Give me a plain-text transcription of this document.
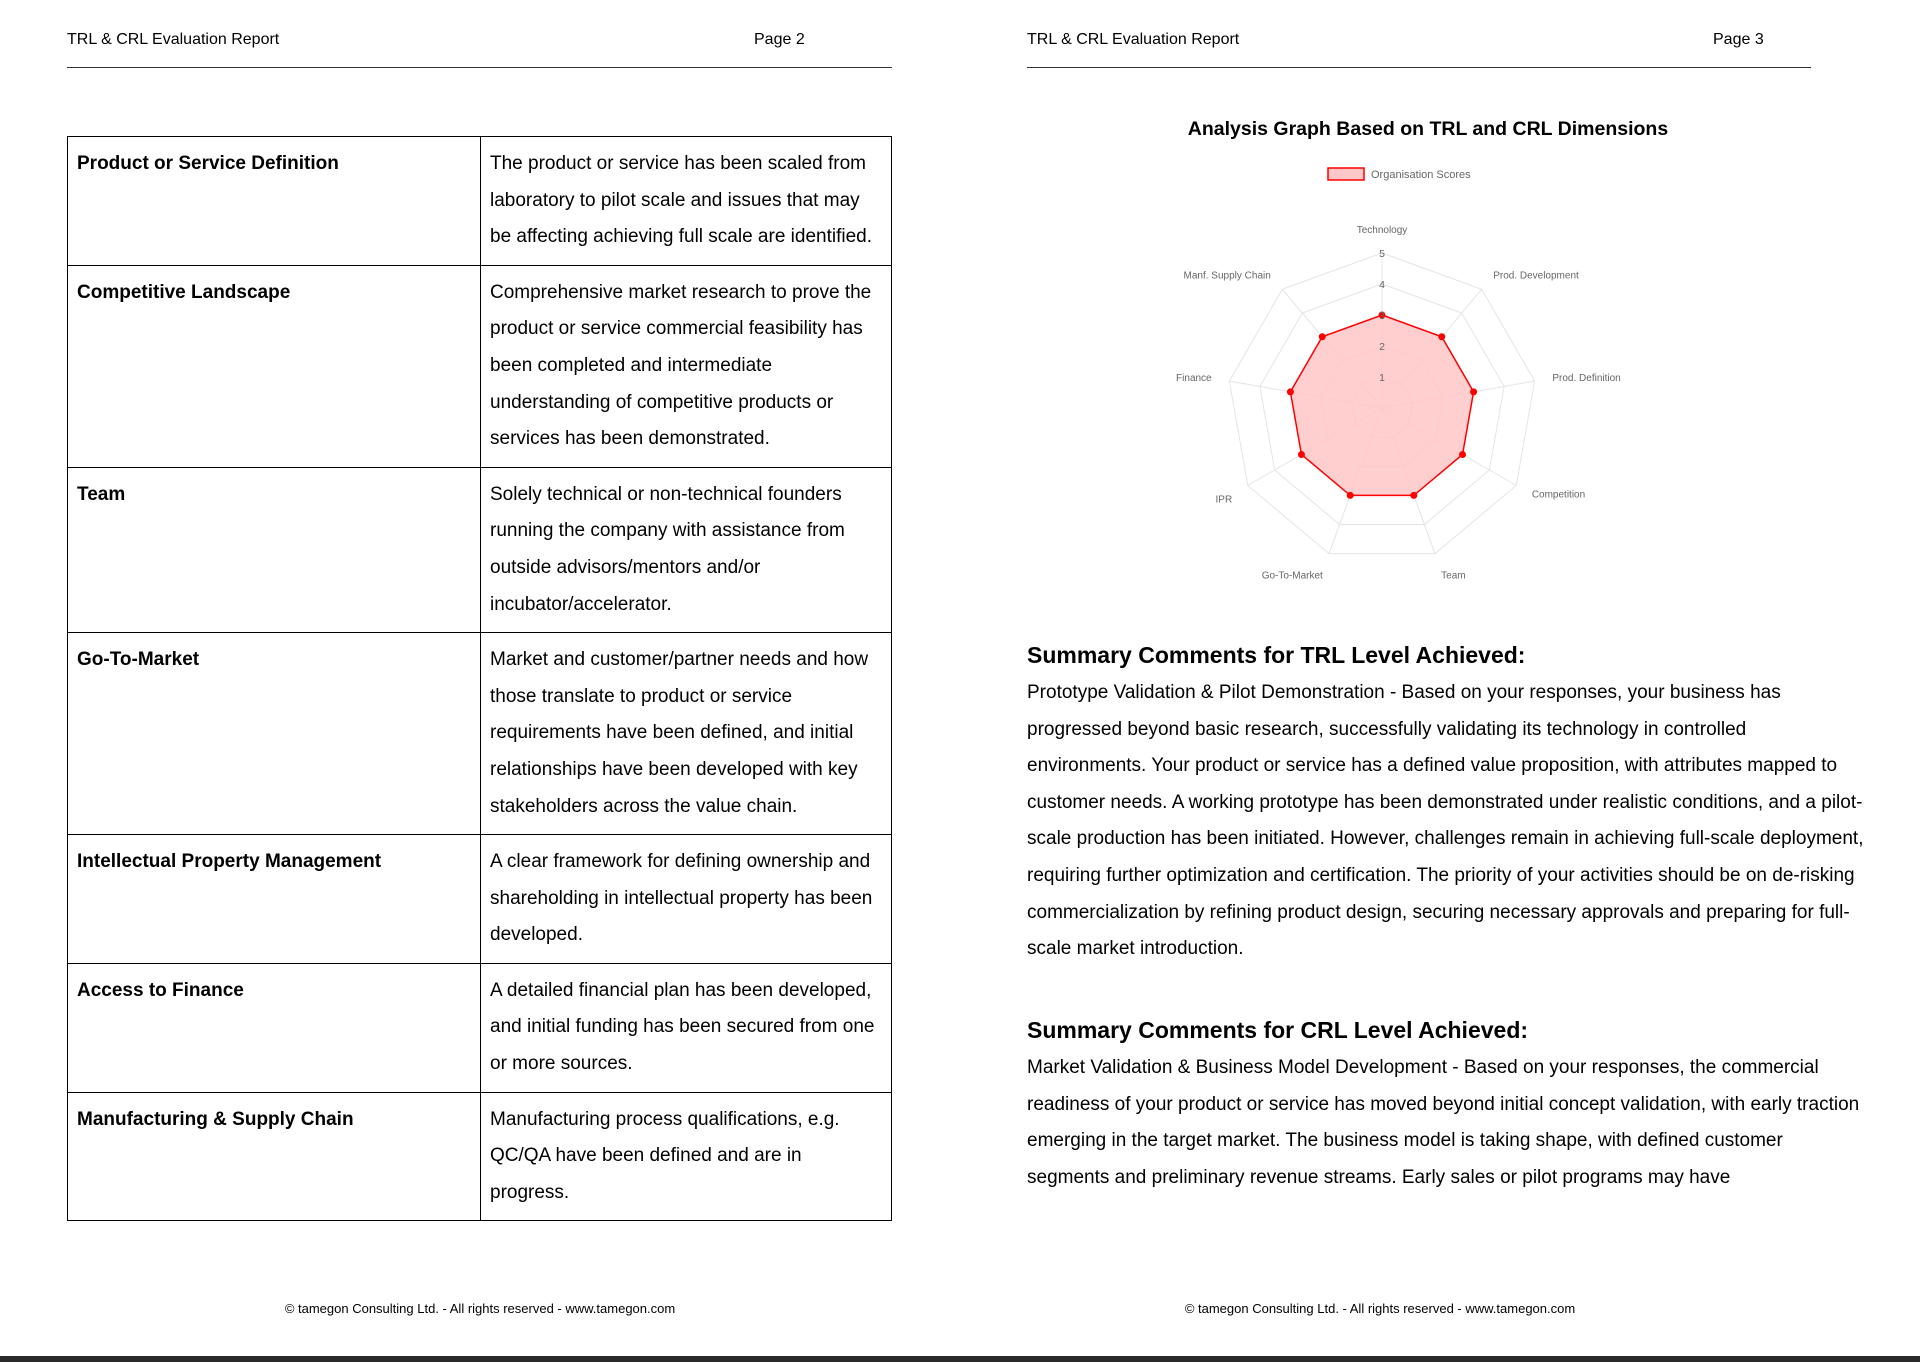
TRL & CRL Evaluation Report	Page 2
Product or Service Definition	The product or service has been scaled from laboratory to pilot scale and issues that may be affecting achieving full scale are identified.
Competitive Landscape	Comprehensive market research to prove the product or service commercial feasibility has been completed and intermediate understanding of competitive products or services has been demonstrated.
Team	Solely technical or non-technical founders running the company with assistance from outside advisors/mentors and/or incubator/accelerator.
Go-To-Market	Market and customer/partner needs and how those translate to product or service requirements have been defined, and initial relationships have been developed with key stakeholders across the value chain.
Intellectual Property Management	A clear framework for defining ownership and shareholding in intellectual property has been developed.
Access to Finance	A detailed financial plan has been developed, and initial funding has been secured from one or more sources.
Manufacturing & Supply Chain	Manufacturing process qualifications, e.g. QC/QA have been defined and are in progress.
© tamegon Consulting Ltd. - All rights reserved - www.tamegon.com
TRL & CRL Evaluation Report	Page 3
Analysis Graph Based on TRL and CRL Dimensions
Organisation Scores
1
2
3
4
5
Technology
Prod. Development
Prod. Definition
Competition
Team
Go-To-Market
IPR
Finance
Manf. Supply Chain
Summary Comments for TRL Level Achieved:
Prototype Validation & Pilot Demonstration - Based on your responses, your business has progressed beyond basic research, successfully validating its technology in controlled environments. Your product or service has a defined value proposition, with attributes mapped to customer needs. A working prototype has been demonstrated under realistic conditions, and a pilot-scale production has been initiated. However, challenges remain in achieving full-scale deployment, requiring further optimization and certification. The priority of your activities should be on de-risking commercialization by refining product design, securing necessary approvals and preparing for full-scale market introduction.
Summary Comments for CRL Level Achieved:
Market Validation & Business Model Development - Based on your responses, the commercial readiness of your product or service has moved beyond initial concept validation, with early traction emerging in the target market. The business model is taking shape, with defined customer segments and preliminary revenue streams. Early sales or pilot programs may have
© tamegon Consulting Ltd. - All rights reserved - www.tamegon.com
